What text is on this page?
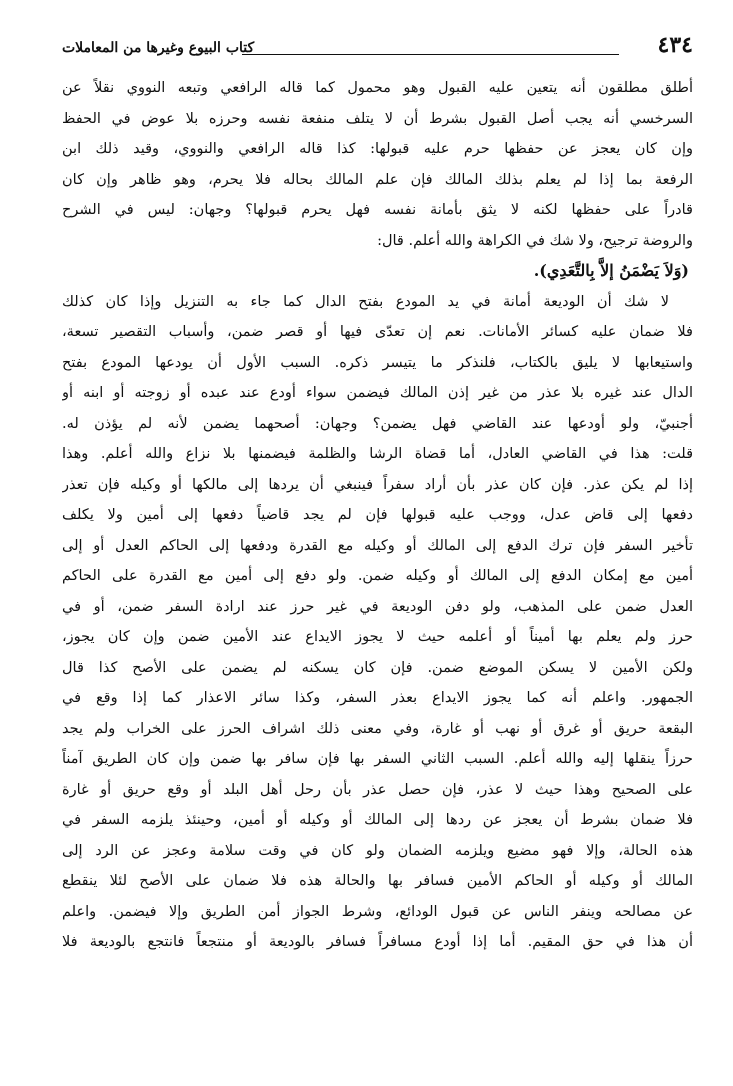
٤٣٤
كتاب البيوع وغيرها من المعاملات
أطلق مطلقون أنه يتعين عليه القبول وهو محمول كما قاله الرافعي وتبعه النووي نقلاً عن
السرخسي أنه يجب أصل القبول بشرط أن لا يتلف منفعة نفسه وحرزه بلا عوض في الحفظ
وإن كان يعجز عن حفظها حرم عليه قبولها: كذا قاله الرافعي والنووي، وقيد ذلك ابن
الرفعة بما إذا لم يعلم بذلك المالك فإن علم المالك بحاله فلا يحرم، وهو ظاهر وإن كان
قادراً على حفظها لكنه لا يثق بأمانة نفسه فهل يحرم قبولها؟ وجهان: ليس في الشرح
والروضة ترجيح، ولا شك في الكراهة والله أعلم. قال:
(وَلاَ يَضْمَنُ إلاَّ بِالتَّعَدِي).
لا شك أن الوديعة أمانة في يد المودع بفتح الدال كما جاء به التنزيل وإذا كان كذلك
فلا ضمان عليه كسائر الأمانات. نعم إن تعدّى فيها أو قصر ضمن، وأسباب التقصير تسعة،
واستيعابها لا يليق بالكتاب، فلنذكر ما يتيسر ذكره. السبب الأول أن يودعها المودع بفتح
الدال عند غيره بلا عذر من غير إذن المالك فيضمن سواء أودع عند عبده أو زوجته أو ابنه أو
أجنبيّ، ولو أودعها عند القاضي فهل يضمن؟ وجهان: أصحهما يضمن لأنه لم يؤذن له.
قلت: هذا في القاضي العادل، أما قضاة الرشا والظلمة فيضمنها بلا نزاع والله أعلم. وهذا
إذا لم يكن عذر. فإن كان عذر بأن أراد سفراً فينبغي أن يردها إلى مالكها أو وكيله فإن تعذر
دفعها إلى قاض عدل، ووجب عليه قبولها فإن لم يجد قاضياً دفعها إلى أمين ولا يكلف
تأخير السفر فإن ترك الدفع إلى المالك أو وكيله مع القدرة ودفعها إلى الحاكم العدل أو إلى
أمين مع إمكان الدفع إلى المالك أو وكيله ضمن. ولو دفع إلى أمين مع القدرة على الحاكم
العدل ضمن على المذهب، ولو دفن الوديعة في غير حرز عند ارادة السفر ضمن، أو في
حرز ولم يعلم بها أميناً أو أعلمه حيث لا يجوز الايداع عند الأمين ضمن وإن كان يجوز،
ولكن الأمين لا يسكن الموضع ضمن. فإن كان يسكنه لم يضمن على الأصح كذا قال
الجمهور. واعلم أنه كما يجوز الايداع بعذر السفر، وكذا سائر الاعذار كما إذا وقع في
البقعة حريق أو غرق أو نهب أو غارة، وفي معنى ذلك اشراف الحرز على الخراب ولم يجد
حرزاً ينقلها إليه والله أعلم. السبب الثاني السفر بها فإن سافر بها ضمن وإن كان الطريق آمناً
على الصحيح وهذا حيث لا عذر، فإن حصل عذر بأن رحل أهل البلد أو وقع حريق أو غارة
فلا ضمان بشرط أن يعجز عن ردها إلى المالك أو وكيله أو أمين، وحينئذ يلزمه السفر في
هذه الحالة، وإلا فهو مضيع ويلزمه الضمان ولو كان في وقت سلامة وعجز عن الرد إلى
المالك أو وكيله أو الحاكم الأمين فسافر بها والحالة هذه فلا ضمان على الأصح لئلا ينقطع
عن مصالحه وينفر الناس عن قبول الودائع، وشرط الجواز أمن الطريق وإلا فيضمن. واعلم
أن هذا في حق المقيم. أما إذا أودع مسافراً فسافر بالوديعة أو منتجعاً فانتجع بالوديعة فلا
